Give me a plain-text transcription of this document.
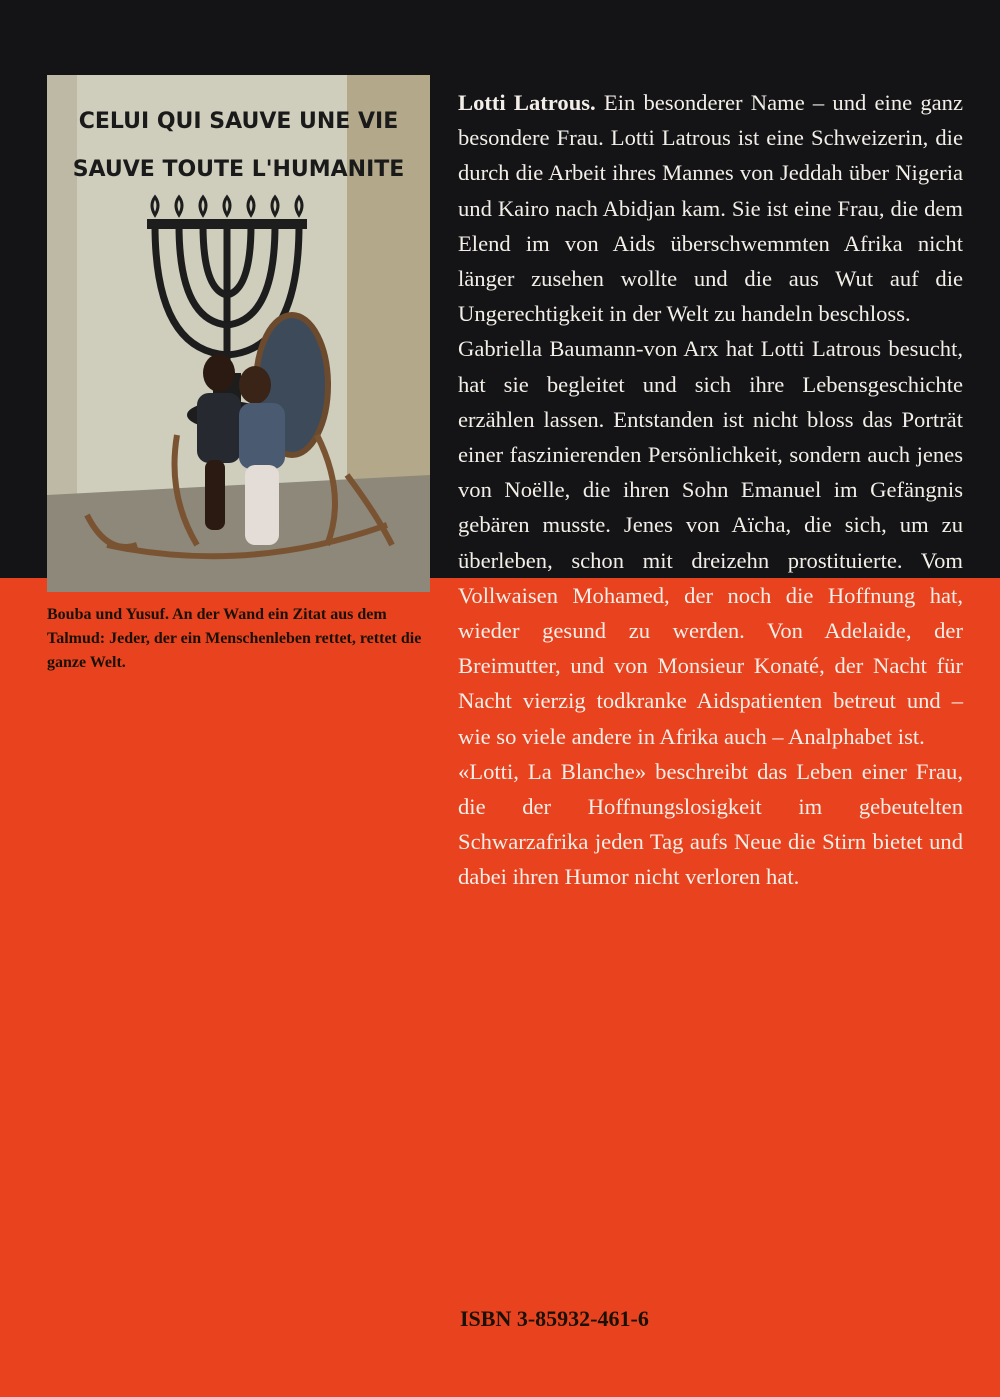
CELUI QUI SAUVE UNE VIE
SAUVE TOUTE L'HUMANITE
Bouba und Yusuf. An der Wand ein Zitat aus dem Talmud: Jeder, der ein Menschenleben rettet, rettet die ganze Welt.

Lotti Latrous. Ein besonderer Name – und eine ganz besondere Frau. Lotti Latrous ist eine Schweizerin, die durch die Arbeit ihres Mannes von Jeddah über Nigeria und Kairo nach Abidjan kam. Sie ist eine Frau, die dem Elend im von Aids überschwemmten Afrika nicht länger zusehen wollte und die aus Wut auf die Ungerechtigkeit in der Welt zu handeln beschloss.

Gabriella Baumann-von Arx hat Lotti Latrous besucht, hat sie begleitet und sich ihre Lebensgeschichte erzählen lassen. Entstanden ist nicht bloss das Porträt einer faszinierenden Persönlichkeit, sondern auch jenes von Noëlle, die ihren Sohn Emanuel im Gefängnis gebären musste. Jenes von Aïcha, die sich, um zu überleben, schon mit dreizehn prostituierte. Vom Vollwaisen Mohamed, der noch die Hoffnung hat, wieder gesund zu werden. Von Adelaide, der Breimutter, und von Monsieur Konaté, der Nacht für Nacht vierzig todkranke Aidspatienten betreut und – wie so viele andere in Afrika auch – Analphabet ist.

«Lotti, La Blanche» beschreibt das Leben einer Frau, die der Hoffnungslosigkeit im gebeutelten Schwarzafrika jeden Tag aufs Neue die Stirn bietet und dabei ihren Humor nicht verloren hat.

ISBN 3-85932-461-6
